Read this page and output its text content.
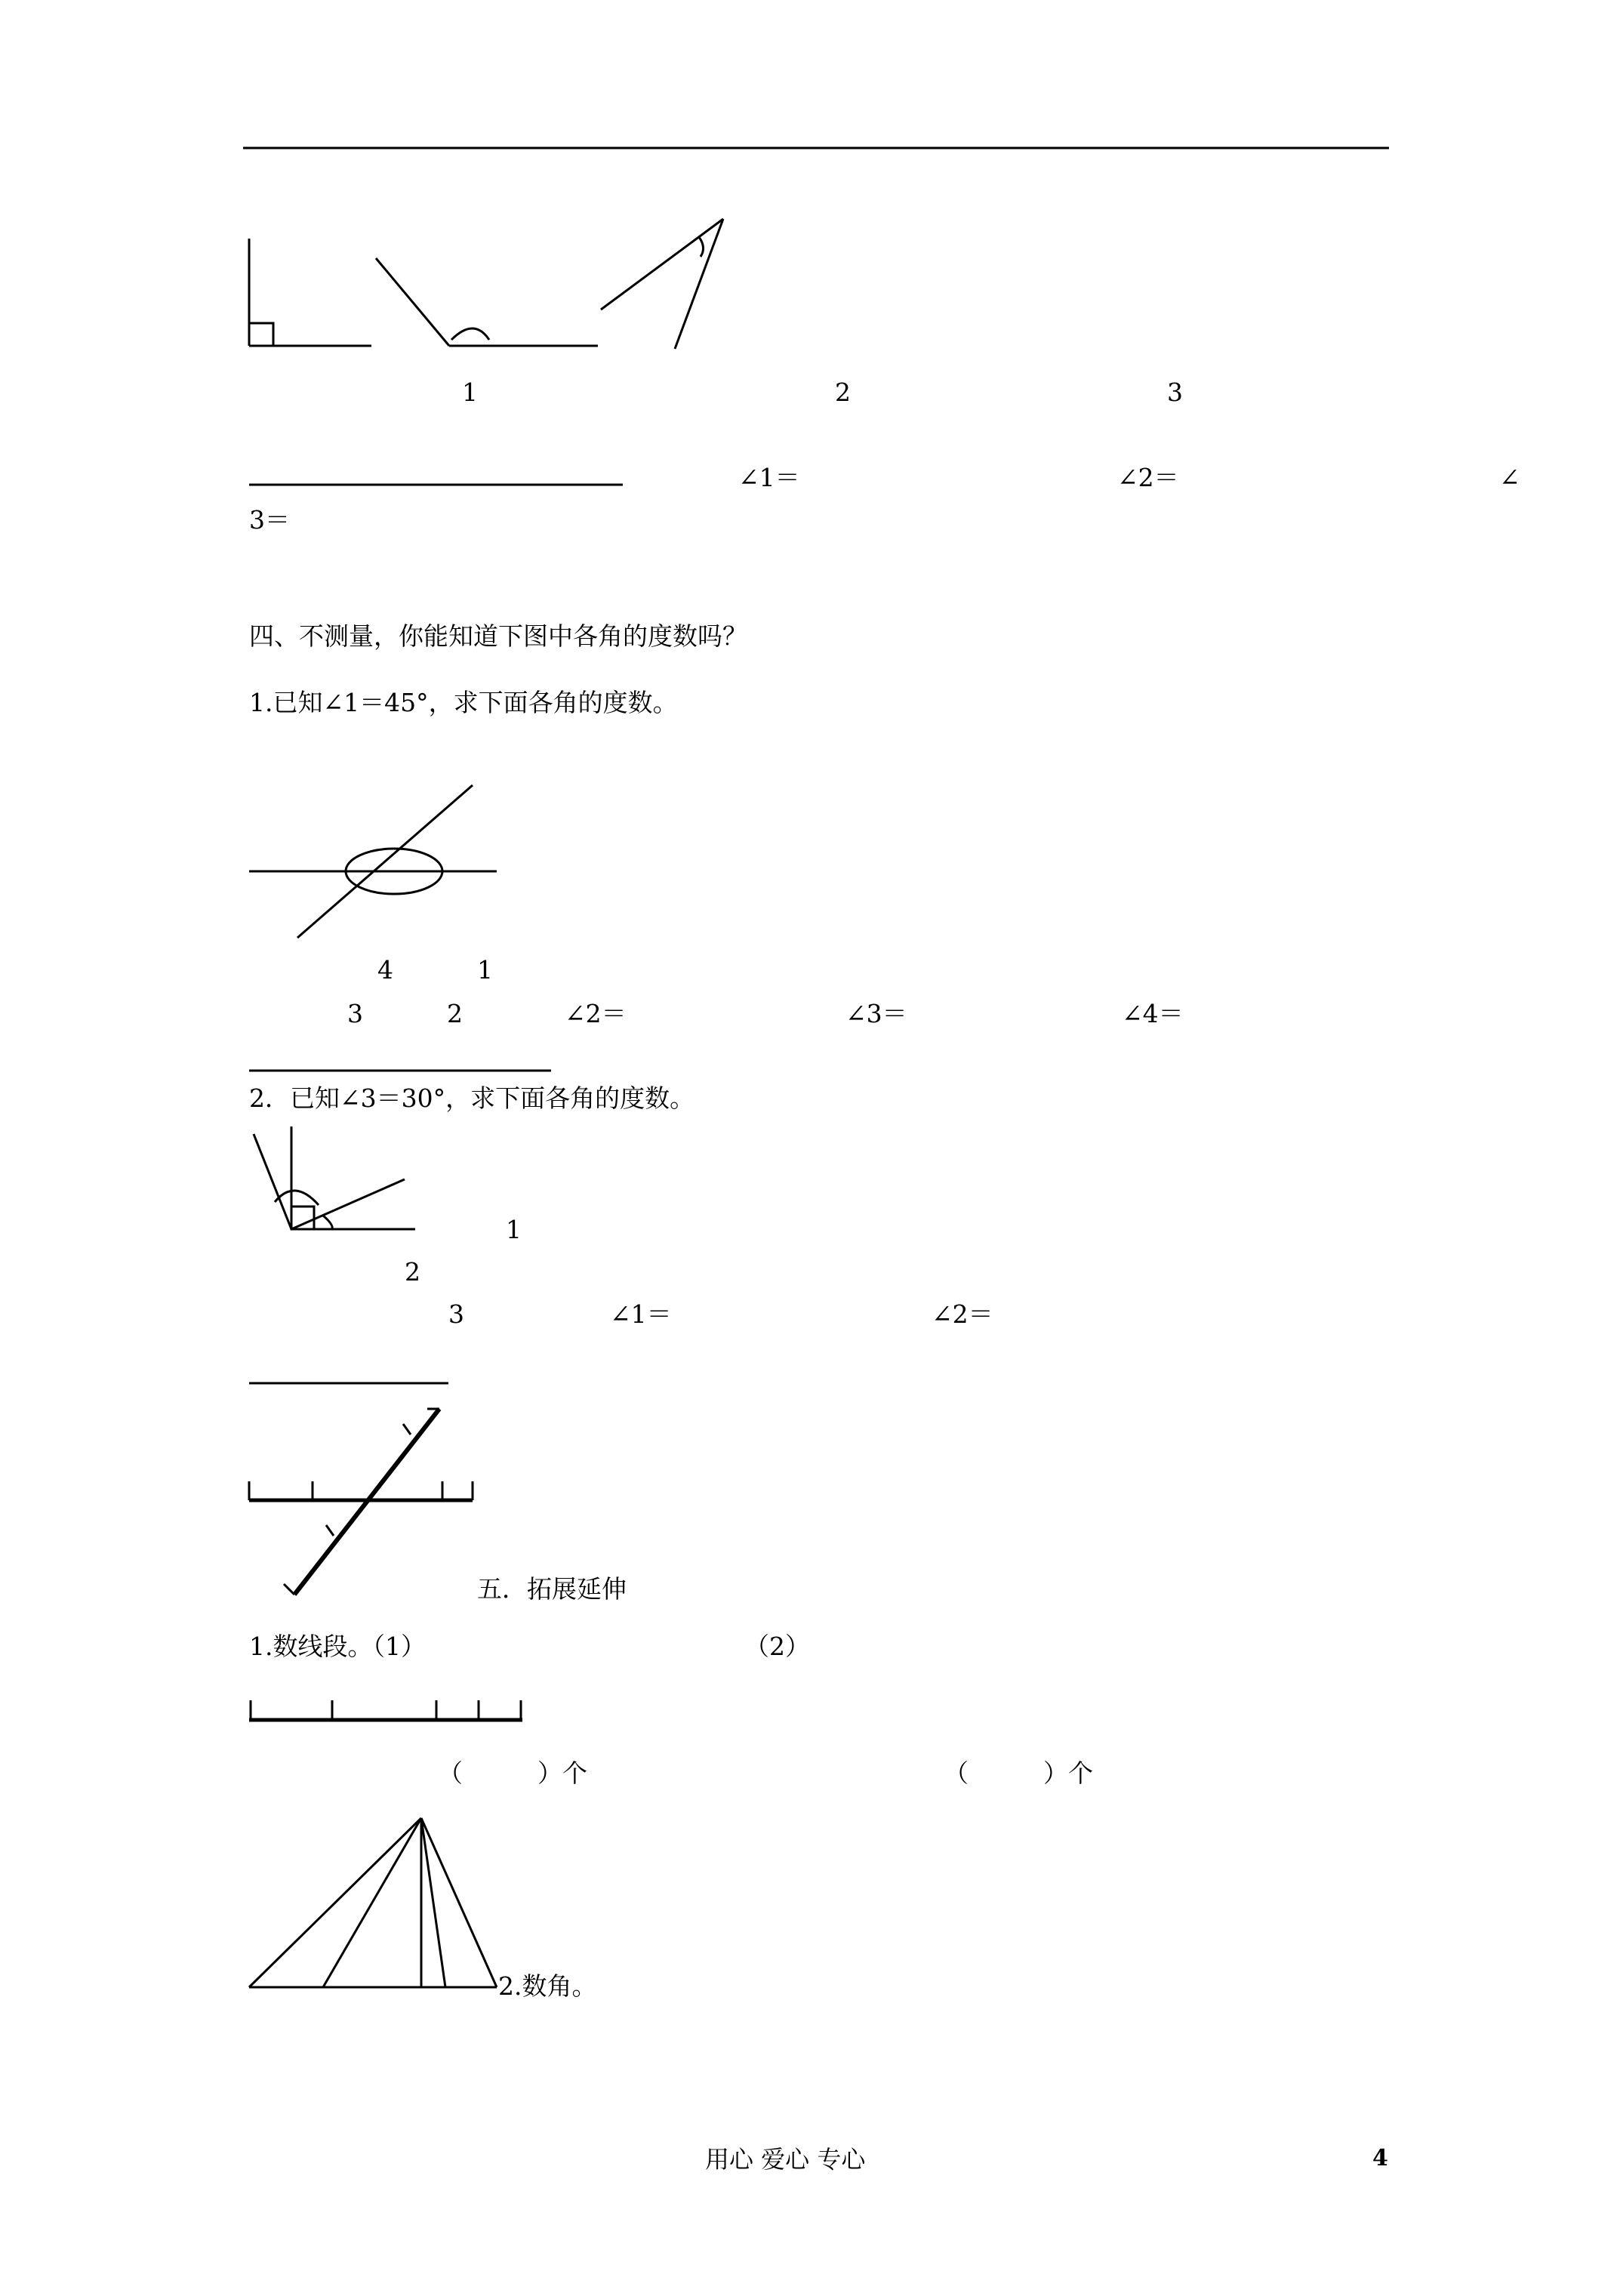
1	2	3
∠1＝	∠2＝	∠
3＝
四、不测量，你能知道下图中各角的度数吗？
1.已知∠1＝45°，求下面各角的度数。
4	1
3	2	∠2＝	∠3＝	∠4＝
2．已知∠3＝30°，求下面各角的度数。
1
2
3	∠1＝	∠2＝
五．拓展延伸
1.数线段。（1）	（2）
（　　　）个	（　　　）个
2.数角。
用心 爱心 专心	4
